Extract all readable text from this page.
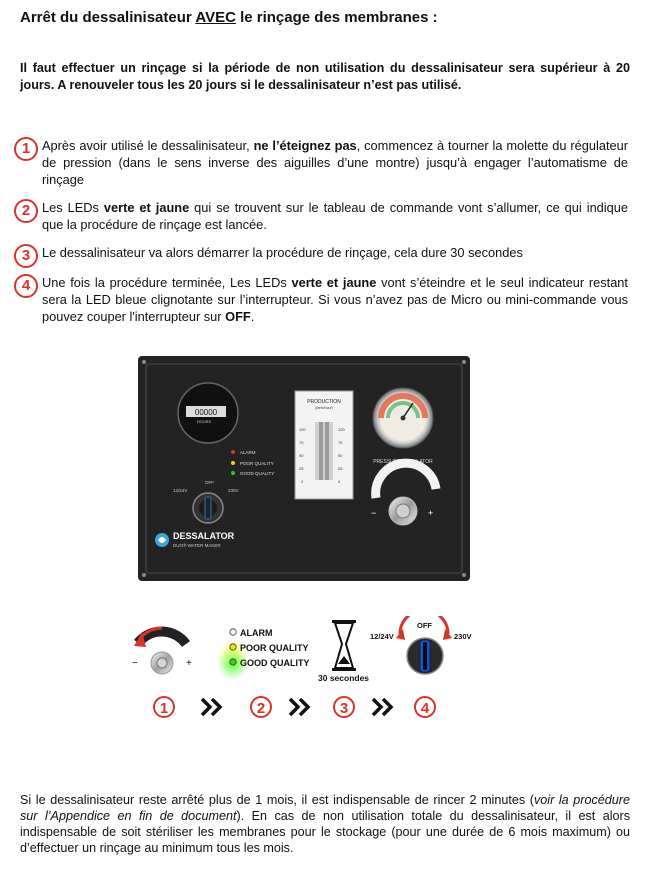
Arrêt du dessalinisateur AVEC le rinçage des membranes :
Il faut effectuer un rinçage si la période de non utilisation du dessalinisateur sera supérieur à 20 jours. A renouveler tous les 20 jours si le dessalinisateur n’est pas utilisé.
1 Après avoir utilisé le dessalinisateur, ne l’éteignez pas, commencez à tourner la molette du régulateur de pression (dans le sens inverse des aiguilles d’une montre) jusqu’à engager l’automatisme de rinçage
2 Les LEDs verte et jaune qui se trouvent sur le tableau de commande vont s’allumer, ce qui indique que la procédure de rinçage est lancée.
3 Le dessalinisateur va alors démarrer la procédure de rinçage, cela dure 30 secondes
4 Une fois la procédure terminée, Les LEDs verte et jaune vont s’éteindre et le seul indicateur restant sera la LED bleue clignotante sur l’interrupteur. Si vous n’avez pas de Micro ou mini-commande vous pouvez couper l'interrupteur sur OFF.
00000
HOURS
ALARM
POOR QUALITY
GOOD QUALITY
12/24V
OFF
230V
DESSALATOR
DUO® WATER MAKER
PRODUCTION
(liters/hour)
100
75
50
25
0
100
75
50
25
0
PRESSURE REGULATOR
−	+
−	+
ALARM
POOR QUALITY
GOOD QUALITY
30 secondes
12/24V
OFF
230V
1	2	3	4
Si le dessalinisateur reste arrêté plus de 1 mois, il est indispensable de rincer 2 minutes (voir la procédure sur l’Appendice en fin de document). En cas de non utilisation totale du dessalinisateur, il est alors indispensable de soit stériliser les membranes pour le stockage (pour une durée de 6 mois maximum) ou d’effectuer un rinçage au minimum tous les mois.
